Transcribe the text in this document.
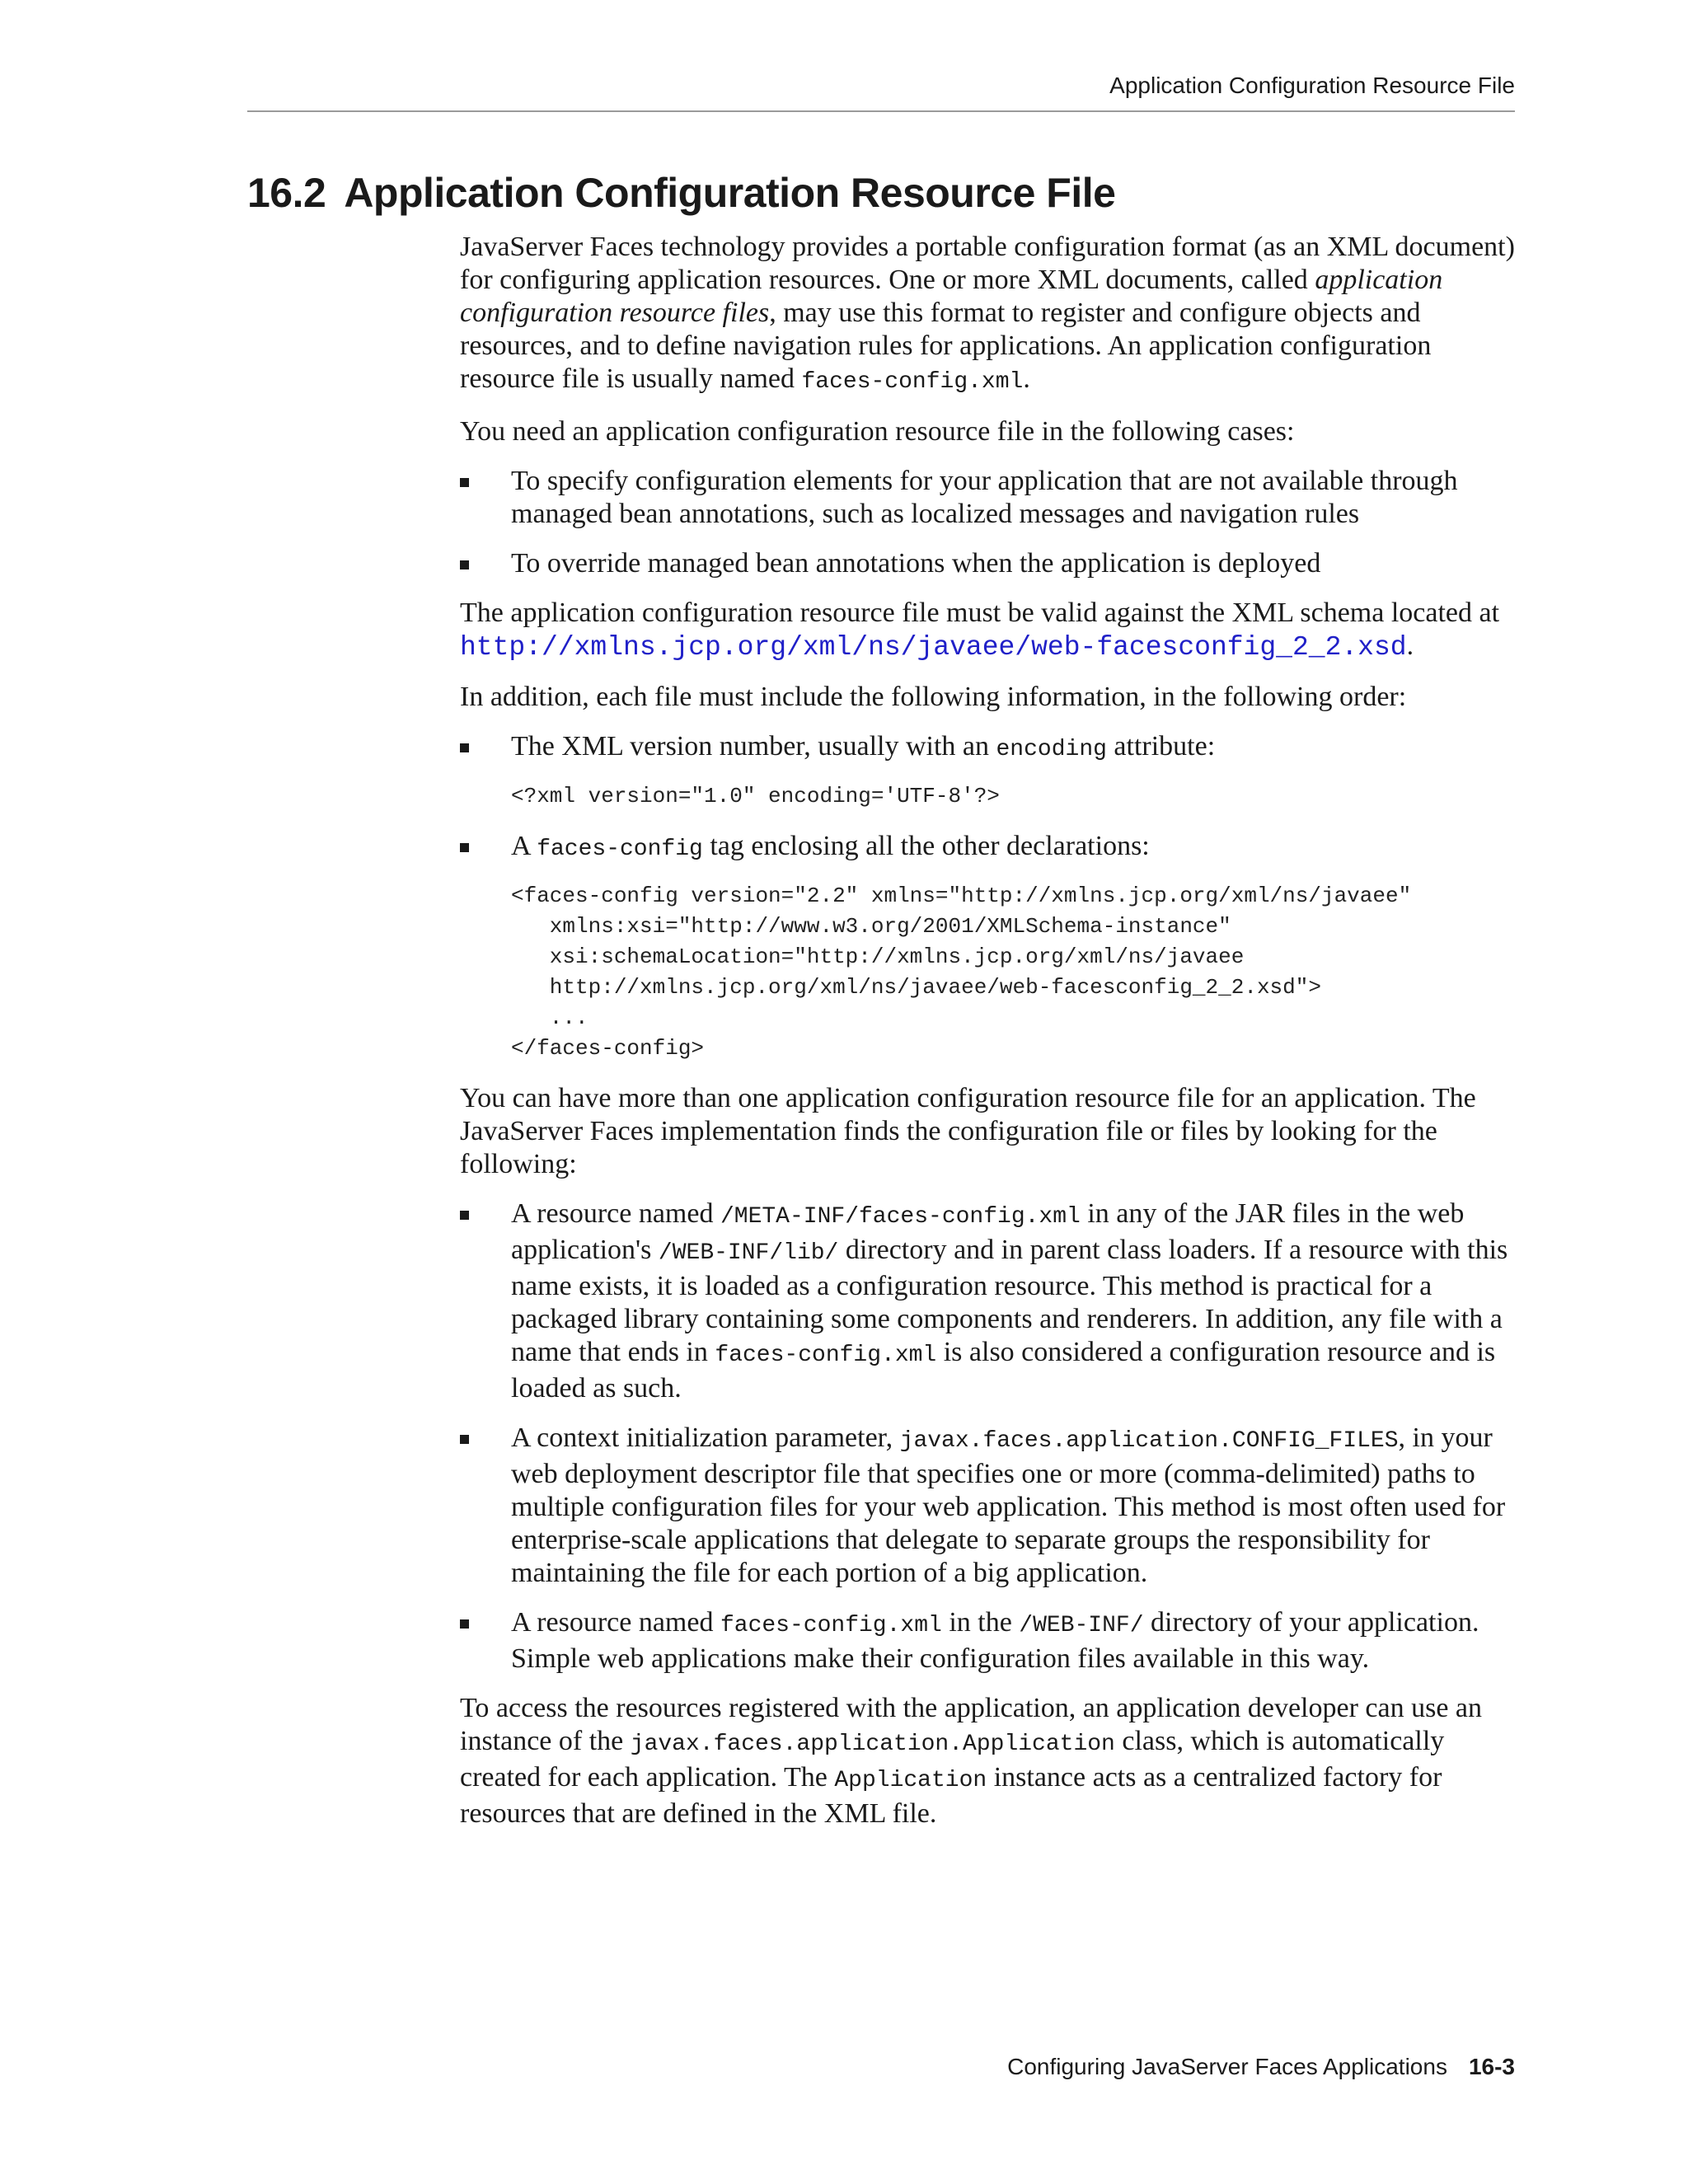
Application Configuration Resource File
16.2 Application Configuration Resource File

JavaServer Faces technology provides a portable configuration format (as an XML document) for configuring application resources. One or more XML documents, called application configuration resource files, may use this format to register and configure objects and resources, and to define navigation rules for applications. An application configuration resource file is usually named faces-config.xml.

You need an application configuration resource file in the following cases:

To specify configuration elements for your application that are not available through managed bean annotations, such as localized messages and navigation rules
To override managed bean annotations when the application is deployed

The application configuration resource file must be valid against the XML schema located at http://xmlns.jcp.org/xml/ns/javaee/web-facesconfig_2_2.xsd.

In addition, each file must include the following information, in the following order:

The XML version number, usually with an encoding attribute:
<?xml version="1.0" encoding='UTF-8'?>
A faces-config tag enclosing all the other declarations:
<faces-config version="2.2" xmlns="http://xmlns.jcp.org/xml/ns/javaee"
xmlns:xsi="http://www.w3.org/2001/XMLSchema-instance"
xsi:schemaLocation="http://xmlns.jcp.org/xml/ns/javaee
http://xmlns.jcp.org/xml/ns/javaee/web-facesconfig_2_2.xsd">
...
</faces-config>

You can have more than one application configuration resource file for an application. The JavaServer Faces implementation finds the configuration file or files by looking for the following:

A resource named /META-INF/faces-config.xml in any of the JAR files in the web application's /WEB-INF/lib/ directory and in parent class loaders. If a resource with this name exists, it is loaded as a configuration resource. This method is practical for a packaged library containing some components and renderers. In addition, any file with a name that ends in faces-config.xml is also considered a configuration resource and is loaded as such.
A context initialization parameter, javax.faces.application.CONFIG_FILES, in your web deployment descriptor file that specifies one or more (comma-delimited) paths to multiple configuration files for your web application. This method is most often used for enterprise-scale applications that delegate to separate groups the responsibility for maintaining the file for each portion of a big application.
A resource named faces-config.xml in the /WEB-INF/ directory of your application. Simple web applications make their configuration files available in this way.

To access the resources registered with the application, an application developer can use an instance of the javax.faces.application.Application class, which is automatically created for each application. The Application instance acts as a centralized factory for resources that are defined in the XML file.

Configuring JavaServer Faces Applications 16-3
